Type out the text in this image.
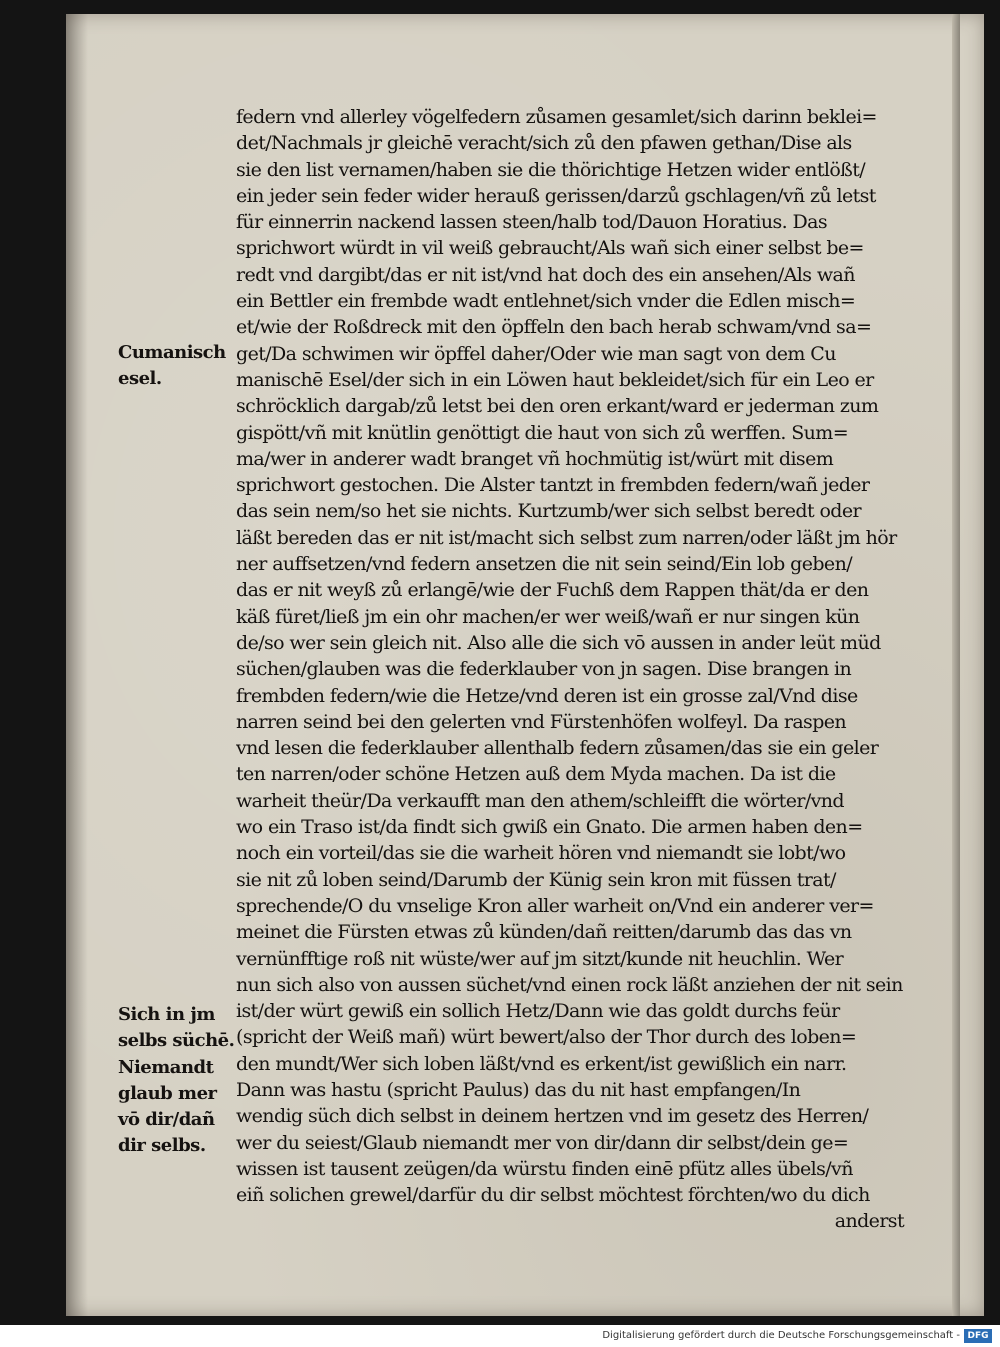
Cumanisch
esel.
Sich in jm
selbs süchē.
Niemandt
glaub mer
vō dir/dañ
dir selbs.
federn vnd allerley vögelfedern zůsamen gesamlet/sich darinn beklei=
det/Nachmals jr gleichē veracht/sich zů den pfawen gethan/Dise als
sie den list vernamen/haben sie die thörichtige Hetzen wider entlößt/
ein jeder sein feder wider herauß gerissen/darzů gschlagen/vñ zů letst
für einnerrin nackend lassen steen/halb tod/Dauon Horatius. Das
sprichwort würdt in vil weiß gebraucht/Als wañ sich einer selbst be=
redt vnd dargibt/das er nit ist/vnd hat doch des ein ansehen/Als wañ
ein Bettler ein frembde wadt entlehnet/sich vnder die Edlen misch=
et/wie der Roßdreck mit den öpffeln den bach herab schwam/vnd sa=
get/Da schwimen wir öpffel daher/Oder wie man sagt von dem Cu
manischē Esel/der sich in ein Löwen haut bekleidet/sich für ein Leo er
schröcklich dargab/zů letst bei den oren erkant/ward er jederman zum
gispött/vñ mit knütlin genöttigt die haut von sich zů werffen. Sum=
ma/wer in anderer wadt branget vñ hochmütig ist/würt mit disem
sprichwort gestochen. Die Alster tantzt in frembden federn/wañ jeder
das sein nem/so het sie nichts. Kurtzumb/wer sich selbst beredt oder
läßt bereden das er nit ist/macht sich selbst zum narren/oder läßt jm hör
ner auffsetzen/vnd federn ansetzen die nit sein seind/Ein lob geben/
das er nit weyß zů erlangē/wie der Fuchß dem Rappen thät/da er den
käß füret/ließ jm ein ohr machen/er wer weiß/wañ er nur singen kün
de/so wer sein gleich nit. Also alle die sich vō aussen in ander leüt müd
süchen/glauben was die federklauber von jn sagen. Dise brangen in
frembden federn/wie die Hetze/vnd deren ist ein grosse zal/Vnd dise
narren seind bei den gelerten vnd Fürstenhöfen wolfeyl. Da raspen
vnd lesen die federklauber allenthalb federn zůsamen/das sie ein geler
ten narren/oder schöne Hetzen auß dem Myda machen. Da ist die
warheit theür/Da verkaufft man den athem/schleifft die wörter/vnd
wo ein Traso ist/da findt sich gwiß ein Gnato. Die armen haben den=
noch ein vorteil/das sie die warheit hören vnd niemandt sie lobt/wo
sie nit zů loben seind/Darumb der Künig sein kron mit füssen trat/
sprechende/O du vnselige Kron aller warheit on/Vnd ein anderer ver=
meinet die Fürsten etwas zů künden/dañ reitten/darumb das das vn
vernünfftige roß nit wüste/wer auf jm sitzt/kunde nit heuchlin. Wer
nun sich also von aussen süchet/vnd einen rock läßt anziehen der nit sein
ist/der würt gewiß ein sollich Hetz/Dann wie das goldt durchs feür
(spricht der Weiß mañ) würt bewert/also der Thor durch des loben=
den mundt/Wer sich loben läßt/vnd es erkent/ist gewißlich ein narr.
Dann was hastu (spricht Paulus) das du nit hast empfangen/In
wendig süch dich selbst in deinem hertzen vnd im gesetz des Herren/
wer du seiest/Glaub niemandt mer von dir/dann dir selbst/dein ge=
wissen ist tausent zeügen/da würstu finden einē pfütz alles übels/vñ
eiñ solichen grewel/darfür du dir selbst möchtest förchten/wo du dich
anderst
Digitalisierung gefördert durch die Deutsche Forschungsgemeinschaft - DFG
